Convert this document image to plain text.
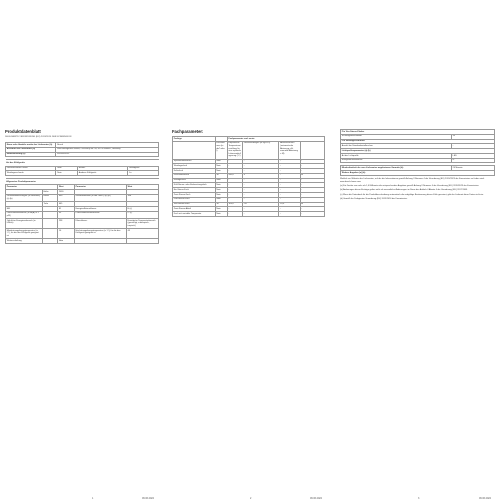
Produktdatenblatt
DELEGIERTE VERORDNUNG (EU) 2019/2016 DER KOMMISSION
Name oder Handels-marke des Lieferanten (b)	Bosch
Anschrift des Lieferanten (b)	BSH Hausgeräte GmbH, Carl-Wery-Str. 34, 81739 Munich, Germany
Modellkennung (b)	KGN39VLEP
Art des Kühlgeräts			
Geräuscharmes Gerät:	Nein	Bauart:	Standgerät
Weinlagerschrank:	Nein	Anderes Kühlgerät:	Ja
Allgemeine Produktparameter				
Parameter		Wert	Parameter	Wert
	Höhe	2030		
Gesamtabmessungen (in Millimeter) (a) (b)	Breite	600	Gesamtvolumen (in dm³ oder l) (a) (b)	368
	Tiefe	665		
EEI		81	Energieeffizienzklasse	E (c)
Luftschallemissionen (in dB(A) re 1 pW)		39	Luftschallemissionsklasse	C (c)
Jährlicher Energieverbrauch (in kWh/a)		238	Klimaklasse:	Erweiterter Temperaturbereich (gemäßigt, subtropisch, tropisch)
Mindestumgebungstemperatur (in °C), für die das Kühlgerät geeignet ist		10	Höchstumgebungstemperatur (in °C), für die das Kühlgerät geeignet ist	43
Winterschaltung		Nein		
1	06.06.2022
Fachparameter:
Fachtyp		Fachparameter und -werte			
	Fachvolumen (in dm³ oder l)	Empfohlene Temperatureinstellung für eine optimale Lebensmittellagerung (°C)	Gefriervermögen (in kg/24 h)	Abtauverfahren (automatische Abtauung = A, manuelle Abtauung = M)	
Speisekammerfach	Nein	-	-	-	-
Weinlagerfach	Nein	-	-	-	-
Kellerfach	Nein	-	-	-	-
Frischwarenfach	Ja	260,0	4	-	A
Kaltlagerfach	Nein	-	-	-	-
Null-Sterne- oder Eisbereitungsfach	Nein	-	-	-	-
Ein-Sterne-Fach	Nein	-	-	-	-
Zwei-Sterne-Fach	Nein	-	-	-	-
Drei-Sterne-Fach	Nein	-	-	-	-
Vier-Sterne-Fach	Ja	103,0	-18	10,0	A
Zwei-Sterne-Abteil	Nein	-	-	-	-
Fach mit variabler Temperatur	Nein	-	-	-	-
2	06.06.2022
Für Vier-Sterne-Fächer	
Schnellgefrierfunktion	Ja
Für Weinlagerschränke	
Anzahl der Standardweinflaschen	-
Lichtquellenparameter (a) (b)	
Art der Lichtquelle	LED
Energieeffizienzklasse	G
Mindestlaufzeit der vom Lieferanten angebotenen Garantie (b):	24 Monate
Weitere Angaben (a) (b):

Weblink zur Website des Lieferanten, auf der die Informationen gemäß Anhang II Nummer 4 der Verordnung (EU) 2019/2023 der Kommission zu finden sind: www.bosch-home.com

(a) Für Geräte von mehr als 1,6 Millimeter die entsprechenden Angaben gemäß Anhang II Nummer 4 der Verordnung (EU) 2019/2023 der Kommission.

(b) Änderungen dieser Einträge gelten nicht als wesentliche Änderungen im Sinne des Artikels 4 Absatz 4 der Verordnung (EU) 2017/1369.

(c) Wenn die Datenbank für die Produktbeschreibung automatisch die endgültige Bestimmung dieser Zelle generiert, gibt der Lieferant diese Daten nicht ein.

(d) Gemäß der Delegierten Verordnung (EU) 2019/2016 der Kommission.

3	06.06.2022
